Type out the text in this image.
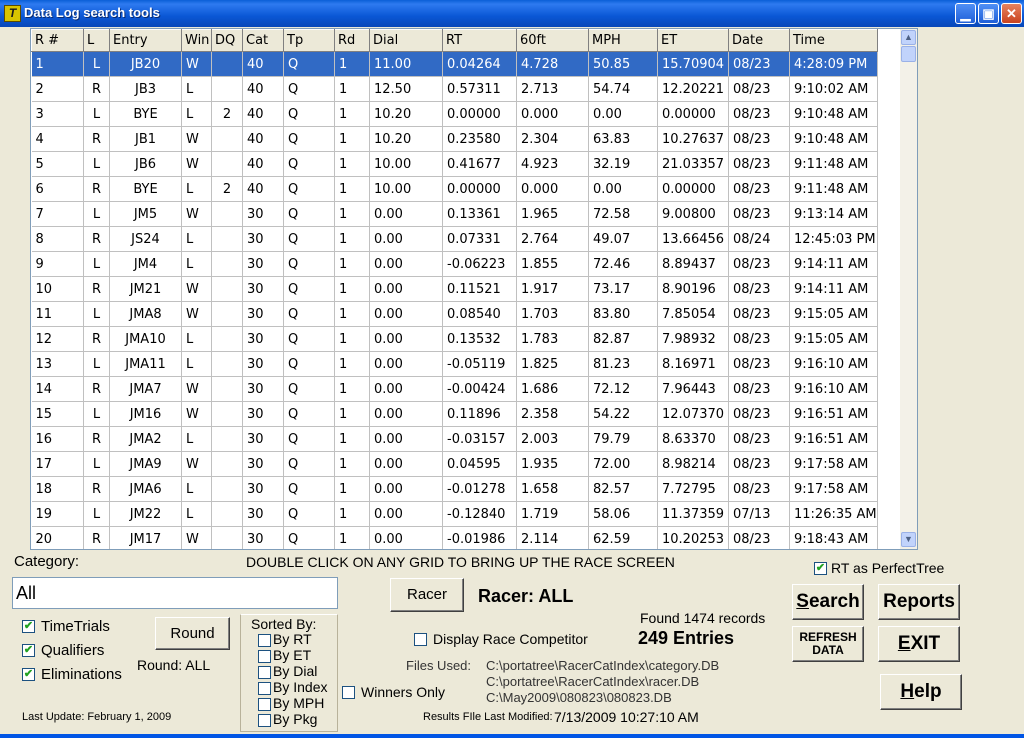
T Data Log search tools	▁ ▣ ✕
R #	L	Entry	Win	DQ	Cat	Tp	Rd	Dial	RT	60ft	MPH	ET	Date	Time	
1	L	JB20	W		40	Q	1	11.00	0.04264	4.728	50.85	15.70904	08/23	4:28:09 PM	
2	R	JB3	L		40	Q	1	12.50	0.57311	2.713	54.74	12.20221	08/23	9:10:02 AM	
3	L	BYE	L	2	40	Q	1	10.20	0.00000	0.000	0.00	0.00000	08/23	9:10:48 AM	
4	R	JB1	W		40	Q	1	10.20	0.23580	2.304	63.83	10.27637	08/23	9:10:48 AM	
5	L	JB6	W		40	Q	1	10.00	0.41677	4.923	32.19	21.03357	08/23	9:11:48 AM	
6	R	BYE	L	2	40	Q	1	10.00	0.00000	0.000	0.00	0.00000	08/23	9:11:48 AM	
7	L	JM5	W		30	Q	1	0.00	0.13361	1.965	72.58	9.00800	08/23	9:13:14 AM	
8	R	JS24	L		30	Q	1	0.00	0.07331	2.764	49.07	13.66456	08/24	12:45:03 PM	
9	L	JM4	L		30	Q	1	0.00	-0.06223	1.855	72.46	8.89437	08/23	9:14:11 AM	
10	R	JM21	W		30	Q	1	0.00	0.11521	1.917	73.17	8.90196	08/23	9:14:11 AM	
11	L	JMA8	W		30	Q	1	0.00	0.08540	1.703	83.80	7.85054	08/23	9:15:05 AM	
12	R	JMA10	L		30	Q	1	0.00	0.13532	1.783	82.87	7.98932	08/23	9:15:05 AM	
13	L	JMA11	L		30	Q	1	0.00	-0.05119	1.825	81.23	8.16971	08/23	9:16:10 AM	
14	R	JMA7	W		30	Q	1	0.00	-0.00424	1.686	72.12	7.96443	08/23	9:16:10 AM	
15	L	JM16	W		30	Q	1	0.00	0.11896	2.358	54.22	12.07370	08/23	9:16:51 AM	
16	R	JMA2	L		30	Q	1	0.00	-0.03157	2.003	79.79	8.63370	08/23	9:16:51 AM	
17	L	JMA9	W		30	Q	1	0.00	0.04595	1.935	72.00	8.98214	08/23	9:17:58 AM	
18	R	JMA6	L		30	Q	1	0.00	-0.01278	1.658	82.57	7.72795	08/23	9:17:58 AM	
19	L	JM22	L		30	Q	1	0.00	-0.12840	1.719	58.06	11.37359	07/13	11:26:35 AM	
20	R	JM17	W		30	Q	1	0.00	-0.01986	2.114	62.59	10.20253	08/23	9:18:43 AM	
▲
▼
Category:	DOUBLE CLICK ON ANY GRID TO BRING UP THE RACE SCREEN
All
✔ RT as PerfectTree
✔ TimeTrials
✔ Qualifiers
✔ Eliminations
Round
Round: ALL
Sorted By:
By RT
By ET
By Dial
By Index
By MPH
By Pkg
Racer	Racer: ALL
Winners Only
Display Race Competitor
Found 1474 records
249 Entries
Files Used: C:\portatree\RacerCatIndex\category.DB
C:\portatree\RacerCatIndex\racer.DB
C:\May2009\080823\080823.DB
Results FIle Last Modified: 7/13/2009 10:27:10 AM
Last Update: February 1, 2009
Search Reports
REFRESH
DATA	EXIT
Help
